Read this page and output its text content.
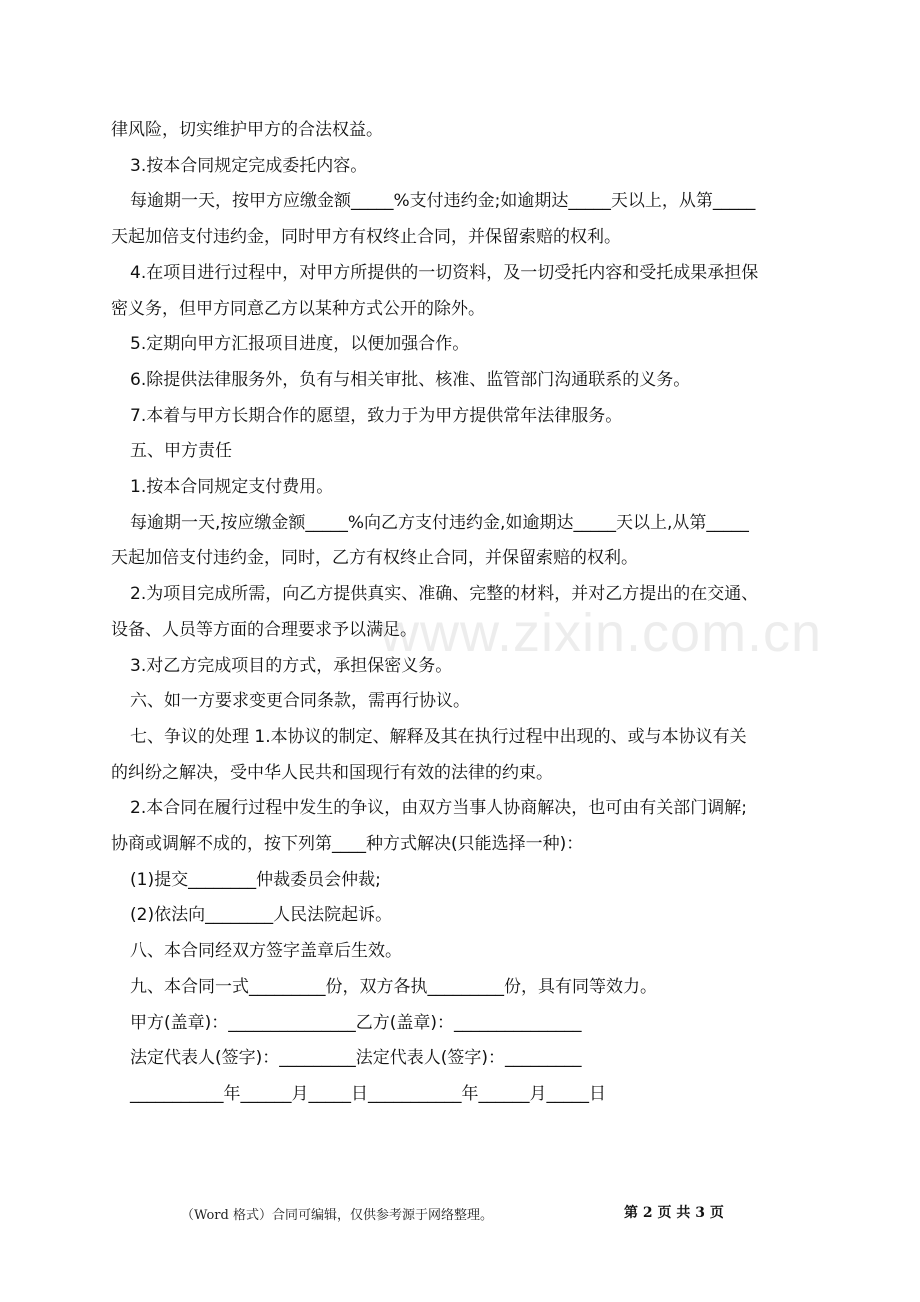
www.zixin.com.cn

律风险，切实维护甲方的合法权益。

3.按本合同规定完成委托内容。

每逾期一天，按甲方应缴金额_____%支付违约金;如逾期达_____天以上，从第_____

天起加倍支付违约金，同时甲方有权终止合同，并保留索赔的权利。

4.在项目进行过程中，对甲方所提供的一切资料，及一切受托内容和受托成果承担保

密义务，但甲方同意乙方以某种方式公开的除外。

5.定期向甲方汇报项目进度，以便加强合作。

6.除提供法律服务外，负有与相关审批、核准、监管部门沟通联系的义务。

7.本着与甲方长期合作的愿望，致力于为甲方提供常年法律服务。

五、甲方责任

1.按本合同规定支付费用。

每逾期一天,按应缴金额_____%向乙方支付违约金,如逾期达_____天以上,从第_____

天起加倍支付违约金，同时，乙方有权终止合同，并保留索赔的权利。

2.为项目完成所需，向乙方提供真实、准确、完整的材料，并对乙方提出的在交通、

设备、人员等方面的合理要求予以满足。

3.对乙方完成项目的方式，承担保密义务。

六、如一方要求变更合同条款，需再行协议。

七、争议的处理 1.本协议的制定、解释及其在执行过程中出现的、或与本协议有关

的纠纷之解决，受中华人民共和国现行有效的法律的约束。

2.本合同在履行过程中发生的争议，由双方当事人协商解决，也可由有关部门调解;

协商或调解不成的，按下列第____种方式解决(只能选择一种)：

(1)提交________仲裁委员会仲裁;

(2)依法向________人民法院起诉。

八、本合同经双方签字盖章后生效。

九、本合同一式_________份，双方各执_________份，具有同等效力。

甲方(盖章)：_______________乙方(盖章)：_______________

法定代表人(签字)：_________法定代表人(签字)：_________

___________年______月_____日___________年______月_____日

（Word 格式）合同可编辑，仅供参考源于网络整理。	第 2 页 共 3 页
